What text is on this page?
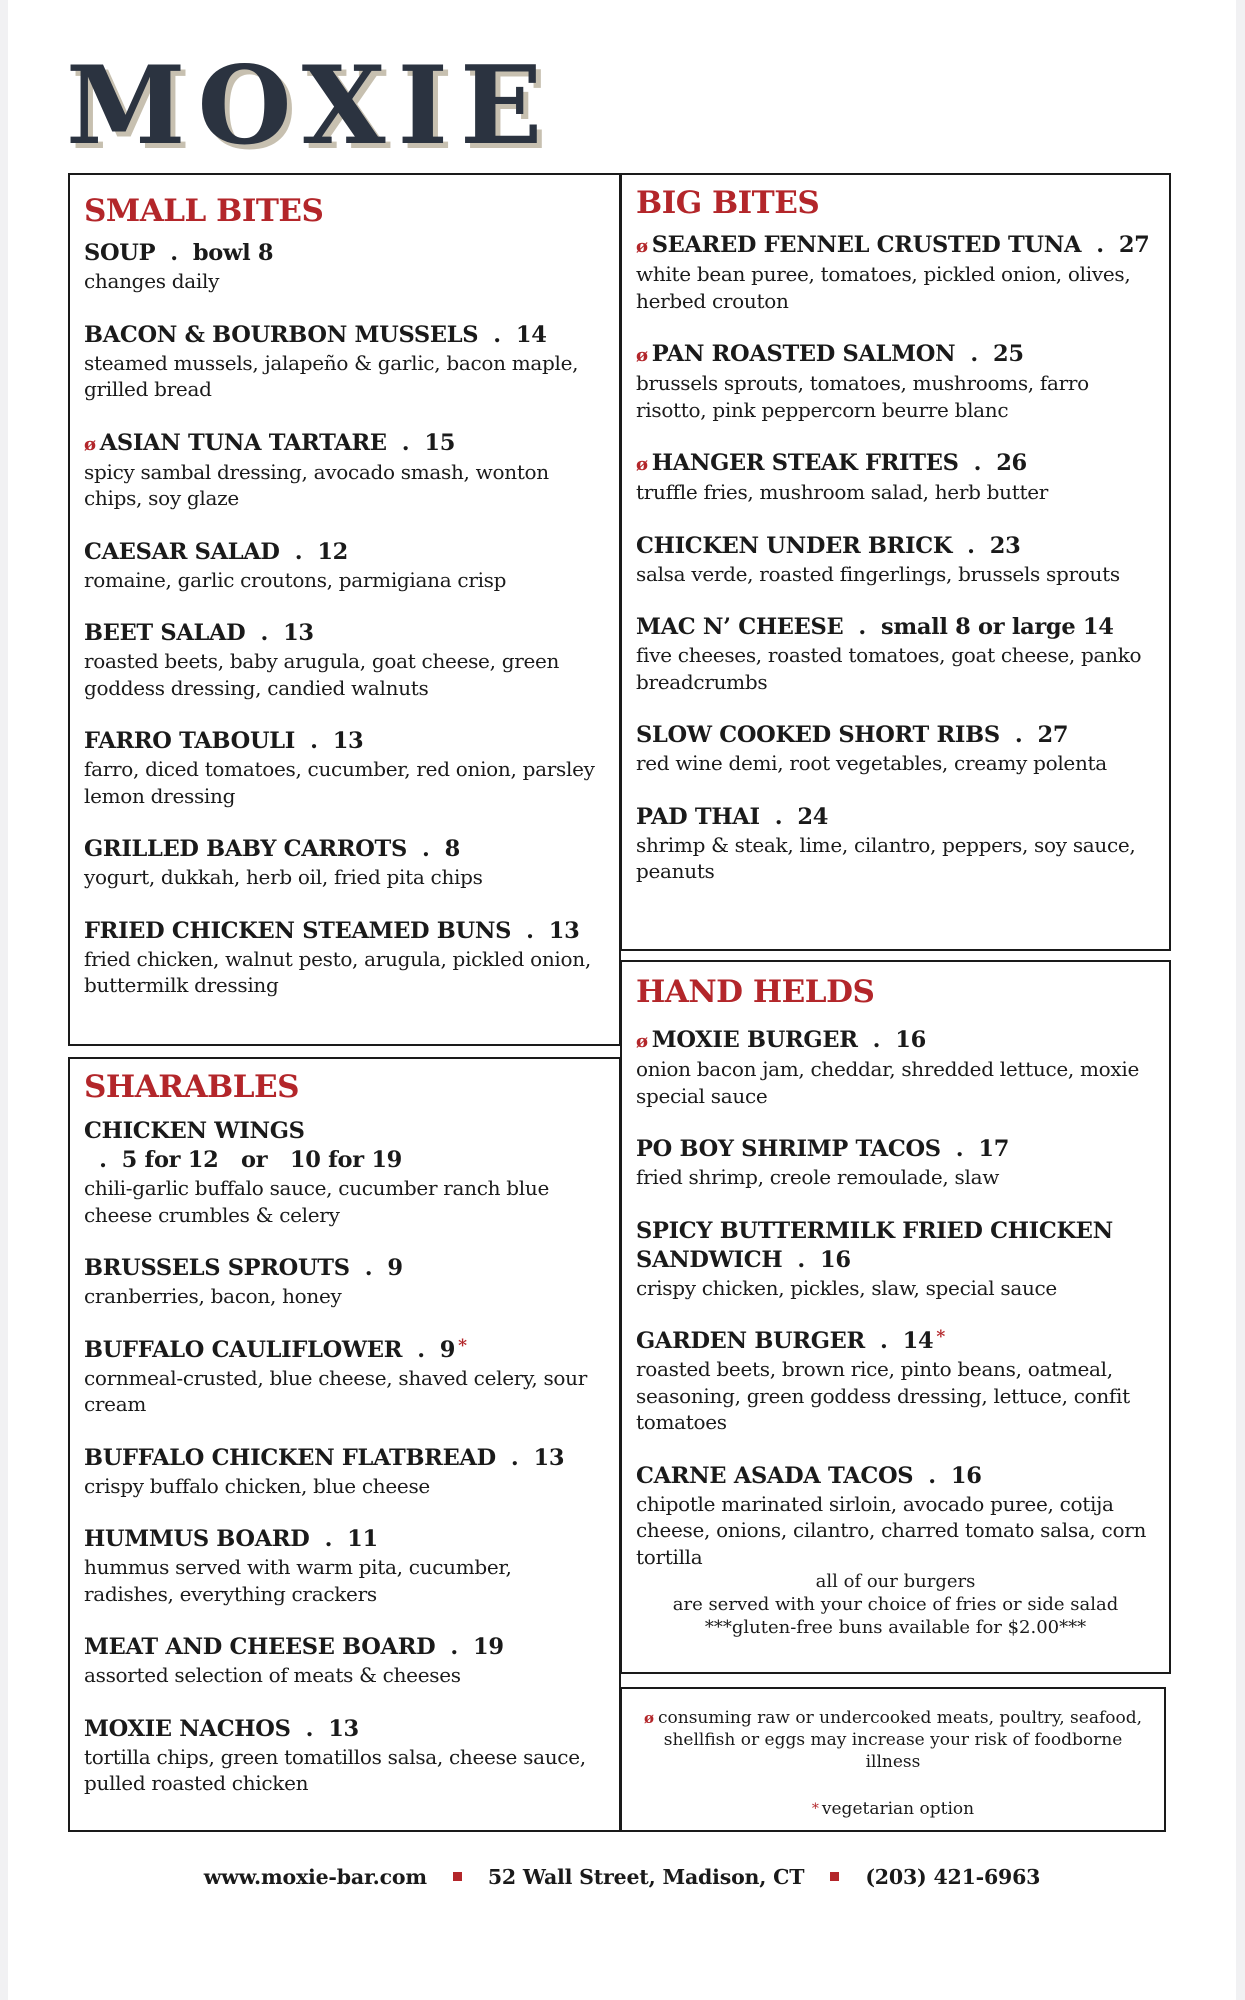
MOXIE
SMALL BITES
SOUP  .  bowl 8
changes daily
BACON & BOURBON MUSSELS  .  14
steamed mussels, jalapeño & garlic, bacon maple, grilled bread
ø ASIAN TUNA TARTARE  .  15
spicy sambal dressing, avocado smash, wonton chips, soy glaze
CAESAR SALAD  .  12
romaine, garlic croutons, parmigiana crisp
BEET SALAD  .  13
roasted beets, baby arugula, goat cheese, green goddess dressing, candied walnuts
FARRO TABOULI  .  13
farro, diced tomatoes, cucumber, red onion, parsley lemon dressing
GRILLED BABY CARROTS  .  8
yogurt, dukkah, herb oil, fried pita chips
FRIED CHICKEN STEAMED BUNS  .  13
fried chicken, walnut pesto, arugula, pickled onion, buttermilk dressing
SHARABLES
CHICKEN WINGS  .  5 for 12   or   10 for 19
chili-garlic buffalo sauce, cucumber ranch blue cheese crumbles & celery
BRUSSELS SPROUTS  .  9
cranberries, bacon, honey
BUFFALO CAULIFLOWER  .  9 *
cornmeal-crusted, blue cheese, shaved celery, sour cream
BUFFALO CHICKEN FLATBREAD  .  13
crispy buffalo chicken, blue cheese
HUMMUS BOARD  .  11
hummus served with warm pita, cucumber, radishes, everything crackers
MEAT AND CHEESE BOARD  .  19
assorted selection of meats & cheeses
MOXIE NACHOS  .  13
tortilla chips, green tomatillos salsa, cheese sauce, pulled roasted chicken
BIG BITES
ø SEARED FENNEL CRUSTED TUNA  .  27
white bean puree, tomatoes, pickled onion, olives, herbed crouton
ø PAN ROASTED SALMON  .  25
brussels sprouts, tomatoes, mushrooms, farro risotto, pink peppercorn beurre blanc
ø HANGER STEAK FRITES  .  26
truffle fries, mushroom salad, herb butter
CHICKEN UNDER BRICK  .  23
salsa verde, roasted fingerlings, brussels sprouts
MAC N’ CHEESE  .  small 8 or large 14
five cheeses, roasted tomatoes, goat cheese, panko breadcrumbs
SLOW COOKED SHORT RIBS  .  27
red wine demi, root vegetables, creamy polenta
PAD THAI  .  24
shrimp & steak, lime, cilantro, peppers, soy sauce, peanuts
HAND HELDS
ø MOXIE BURGER  .  16
onion bacon jam, cheddar, shredded lettuce, moxie special sauce
PO BOY SHRIMP TACOS  .  17
fried shrimp, creole remoulade, slaw
SPICY BUTTERMILK FRIED CHICKEN SANDWICH  .  16
crispy chicken, pickles, slaw, special sauce
GARDEN BURGER  .  14 *
roasted beets, brown rice, pinto beans, oatmeal, seasoning, green goddess dressing, lettuce, confit tomatoes
CARNE ASADA TACOS  .  16
chipotle marinated sirloin, avocado puree, cotija cheese, onions, cilantro, charred tomato salsa, corn tortilla
all of our burgers
are served with your choice of fries or side salad
***gluten-free buns available for $2.00***
ø consuming raw or undercooked meats, poultry, seafood, shellfish or eggs may increase your risk of foodborne illness
* vegetarian option
www.moxie-bar.com	52 Wall Street, Madison, CT	(203) 421-6963
